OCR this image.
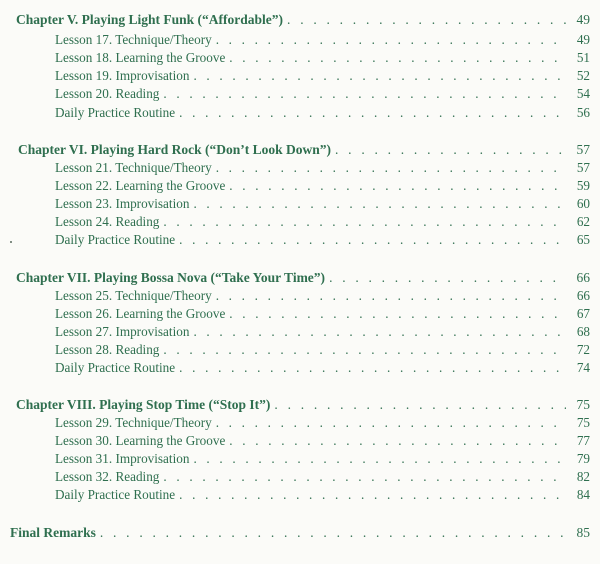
Chapter V. Playing Light Funk (“Affordable”) . . .	49
Lesson 17. Technique/Theory . . .	49
Lesson 18. Learning the Groove . . .	51
Lesson 19. Improvisation . . .	52
Lesson 20. Reading . . .	54
Daily Practice Routine . . .	56
Chapter VI. Playing Hard Rock (“Don’t Look Down”) . . .	57
Lesson 21. Technique/Theory . . .	57
Lesson 22. Learning the Groove . . .	59
Lesson 23. Improvisation . . .	60
Lesson 24. Reading . . .	62
Daily Practice Routine . . .	65
Chapter VII. Playing Bossa Nova (“Take Your Time”) . . .	66
Lesson 25. Technique/Theory . . .	66
Lesson 26. Learning the Groove . . .	67
Lesson 27. Improvisation . . .	68
Lesson 28. Reading . . .	72
Daily Practice Routine . . .	74
Chapter VIII. Playing Stop Time (“Stop It”) . . .	75
Lesson 29. Technique/Theory . . .	75
Lesson 30. Learning the Groove . . .	77
Lesson 31. Improvisation . . .	79
Lesson 32. Reading . . .	82
Daily Practice Routine . . .	84
Final Remarks . . .	85
